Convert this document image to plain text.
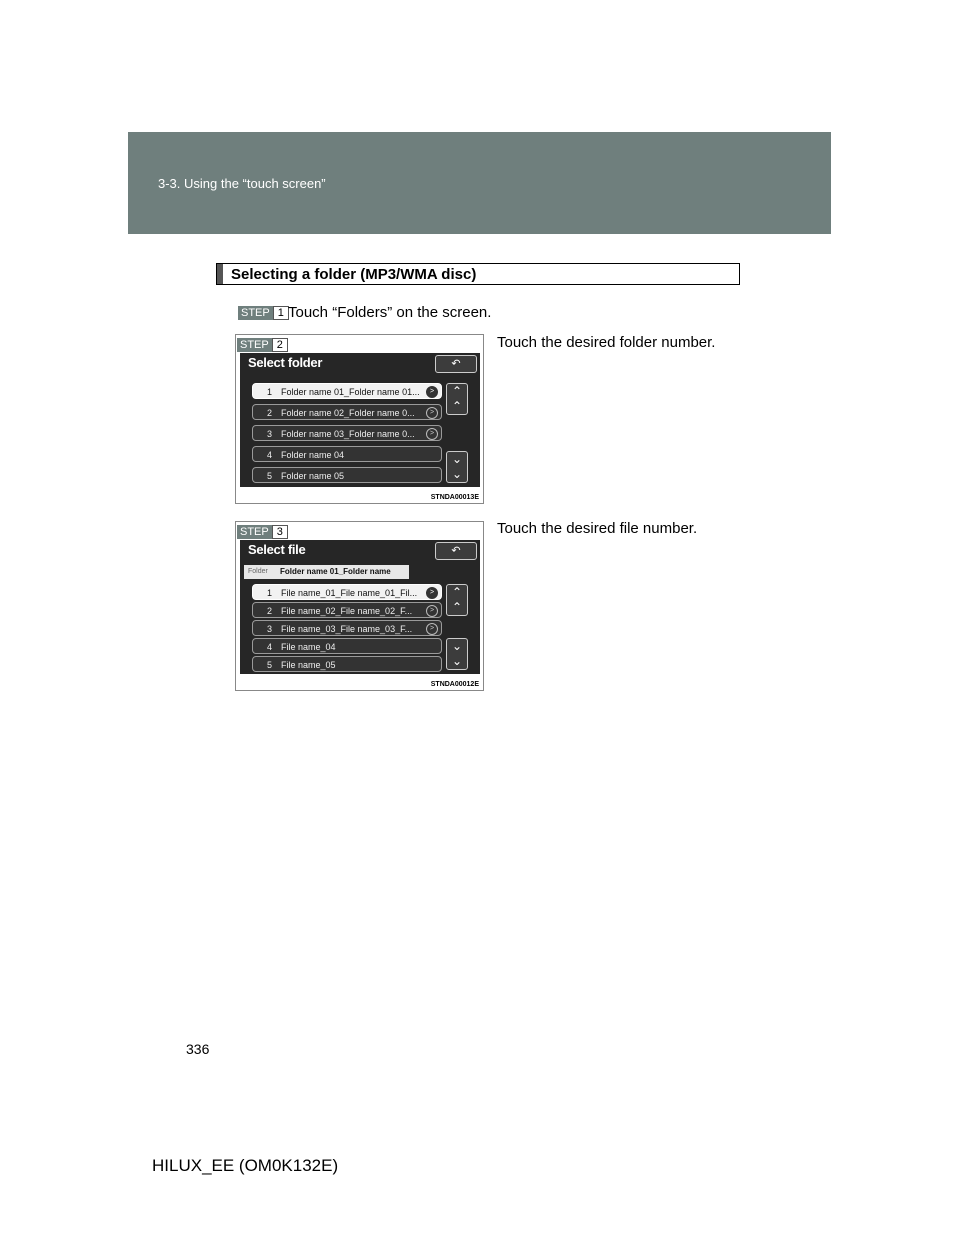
3-3. Using the “touch screen”
Selecting a folder (MP3/WMA disc)
STEP 1 Touch “Folders” on the screen.
STEP 2
Select folder	↶
1 Folder name 01_Folder name 01...	>
2 Folder name 02_Folder name 0...	>
3 Folder name 03_Folder name 0...	>
4 Folder name 04
5 Folder name 05
⌃
⌃
⌄
⌄
STNDA00013E
Touch the desired folder number.
STEP 3
Select file	↶
Folder Folder name 01_Folder name
1 File name_01_File name_01_Fil...	>
2 File name_02_File name_02_F...	>
3 File name_03_File name_03_F...	>
4 File name_04
5 File name_05
⌃
⌃
⌄
⌄
STNDA00012E
Touch the desired file number.
336
HILUX_EE (OM0K132E)
